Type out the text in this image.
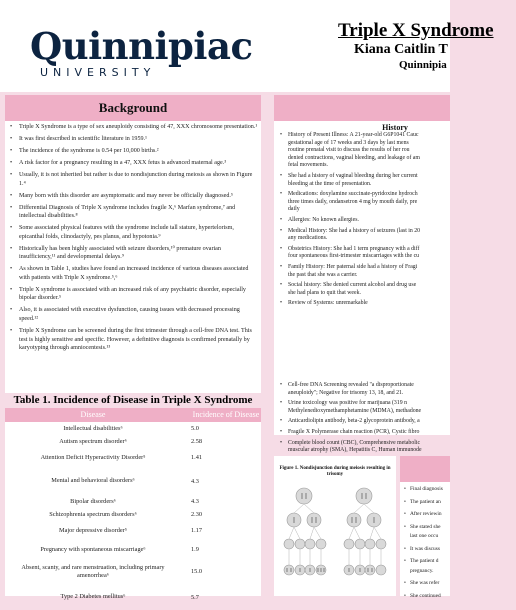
Quinnipiac
UNIVERSITY
Triple X Syndrome
Kiana Caitlin T
Quinnipia
Background
• Triple X Syndrome is a type of sex aneuploidy consisting of 47, XXX chromosome presentation.¹
• It was first described in scientific literature in 1959.¹
• The incidence of the syndrome is 0.54 per 10,000 births.²
• A risk factor for a pregnancy resulting in a 47, XXX fetus is advanced maternal age.³
• Usually, it is not inherited but rather is due to nondisjunction during meiosis as shown in Figure 1.⁴
• Many born with this disorder are asymptomatic and may never be officially diagnosed.⁵
• Differential Diagnosis of Triple X syndrome includes fragile X,⁶ Marfan syndrome,⁷ and intellectual disabilities.⁸
• Some associated physical features with the syndrome include tall stature, hypertelorism, epicanthal folds, clinodactyly, pes planus, and hypotonia.⁹
• Historically has been highly associated with seizure disorders,¹⁰ premature ovarian insufficiency,¹¹ and developmental delays.⁹
• As shown in Table 1, studies have found an increased incidence of various diseases associated with patients with Triple X syndrome.⁵,⁶
• Triple X syndrome is associated with an increased risk of any psychiatric disorder, especially bipolar disorder.⁵
• Also, it is associated with executive dysfunction, causing issues with decreased processing speed.¹²
• Triple X Syndrome can be screened during the first trimester through a cell-free DNA test. This test is highly sensitive and specific. However, a definitive diagnosis is confirmed prenatally by karyotyping through amniocentesis.¹³
Table 1. Incidence of Disease in Triple X Syndrome
Disease	Incidence of Disease
Intellectual disabilities⁶	5.0
Autism spectrum disorder⁶	2.58
Attention Deficit Hyperactivity Disorder⁵	1.41
Mental and behavioral disorders⁶	4.3
Bipolar disorders⁶	4.3
Schizophrenia spectrum disorders⁶	2.30
Major depressive disorder⁵	1.17
Pregnancy with spontaneous miscarriage⁶	1.9
Absent, scanty, and rare menstruation, including primary amenorrhea⁶	15.0
Type 2 Diabetes mellitus⁶	5.7
History
• History of Present Illness: A 21-year-old G6P1041 Cauc
gestational age of 17 weeks and 3 days by last mens
routine prenatal visit to discuss the results of her rou
denied contractions, vaginal bleeding, and leakage of am
fetal movements.
• She had a history of vaginal bleeding during her current
bleeding at the time of presentation.
• Medications: doxylamine succinate-pyridoxine hydroch
three times daily, ondansetron 4 mg by mouth daily, pre
daily
• Allergies: No known allergies.
• Medical History: She had a history of seizures (last in 20
any medications.
• Obstetrics History: She had 1 term pregnancy with a diff
four spontaneous first-trimester miscarriages with the cu
• Family History: Her paternal side had a history of Fragi
the past that she was a carrier.
• Social history: She denied current alcohol and drug use
she had plans to quit that week.
• Review of Systems: unremarkable
• Cell-free DNA Screening revealed "a disproportionate
aneuploidy"; Negative for trisomy 13, 18, and 21.
• Urine toxicology was positive for marijuana (319 n
Methylenedioxymethamphetamine (MDMA), methadone
• Anticardiolipin antibody, beta-2 glycoprotein antibody, a
• Fragile X Polymerase chain reaction (PCR), Cystic fibro
• Complete blood count (CBC), Comprehensive metabolic
muscular atrophy (SMA), Hepatitis C, Human immunode
Figure 1. Nondisjunction during meiosis resulting in trisomy
• Final diagnosis
• The patient an
• After reviewin
• She stated she
last one occu
• It was discuss
• The patient d
pregnancy.
• She was refer
• She continued
